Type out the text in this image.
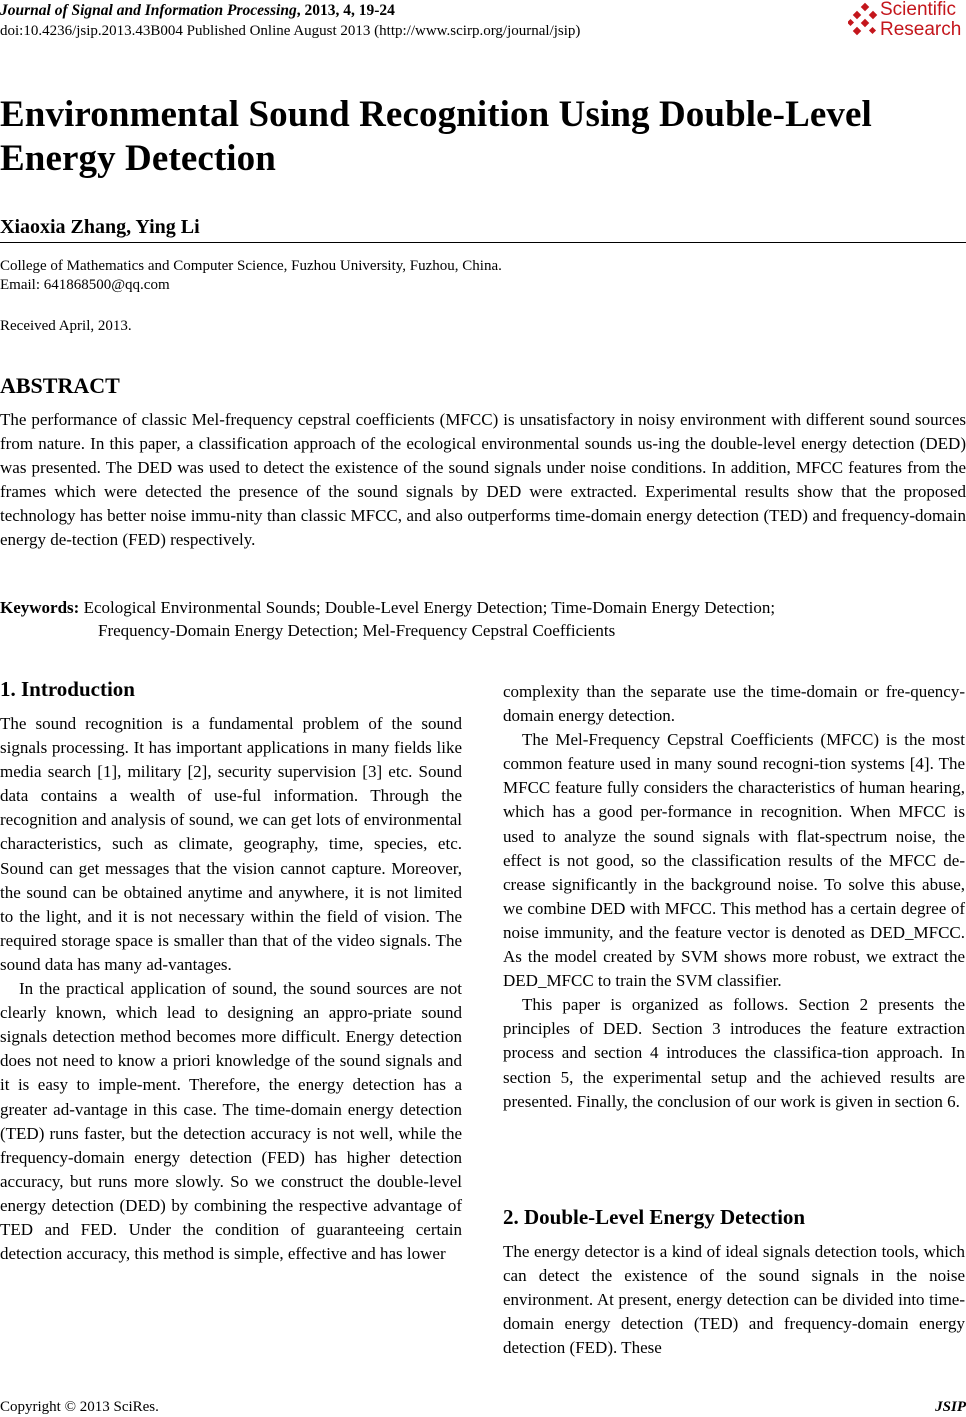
Journal of Signal and Information Processing, 2013, 4, 19-24
doi:10.4236/jsip.2013.43B004 Published Online August 2013 (http://www.scirp.org/journal/jsip)
Scientific
Research
Environmental Sound Recognition Using Double-Level Energy Detection
Xiaoxia Zhang, Ying Li
College of Mathematics and Computer Science, Fuzhou University, Fuzhou, China.
Email: 641868500@qq.com
Received April, 2013.
ABSTRACT
The performance of classic Mel-frequency cepstral coefficients (MFCC) is unsatisfactory in noisy environment with different sound sources from nature. In this paper, a classification approach of the ecological environmental sounds us-ing the double-level energy detection (DED) was presented. The DED was used to detect the existence of the sound signals under noise conditions. In addition, MFCC features from the frames which were detected the presence of the sound signals by DED were extracted. Experimental results show that the proposed technology has better noise immu-nity than classic MFCC, and also outperforms time-domain energy detection (TED) and frequency-domain energy de-tection (FED) respectively.
Keywords: Ecological Environmental Sounds; Double-Level Energy Detection; Time-Domain Energy Detection;
Frequency-Domain Energy Detection; Mel-Frequency Cepstral Coefficients
1. Introduction

The sound recognition is a fundamental problem of the sound signals processing. It has important applications in many fields like media search [1], military [2], security supervision [3] etc. Sound data contains a wealth of use-ful information. Through the recognition and analysis of sound, we can get lots of environmental characteristics, such as climate, geography, time, species, etc. Sound can get messages that the vision cannot capture. Moreover, the sound can be obtained anytime and anywhere, it is not limited to the light, and it is not necessary within the field of vision. The required storage space is smaller than that of the video signals. The sound data has many ad-vantages.

In the practical application of sound, the sound sources are not clearly known, which lead to designing an appro-priate sound signals detection method becomes more difficult. Energy detection does not need to know a priori knowledge of the sound signals and it is easy to imple-ment. Therefore, the energy detection has a greater ad-vantage in this case. The time-domain energy detection (TED) runs faster, but the detection accuracy is not well, while the frequency-domain energy detection (FED) has higher detection accuracy, but runs more slowly. So we construct the double-level energy detection (DED) by combining the respective advantage of TED and FED. Under the condition of guaranteeing certain detection accuracy, this method is simple, effective and has lower

complexity than the separate use the time-domain or fre-quency-domain energy detection.

The Mel-Frequency Cepstral Coefficients (MFCC) is the most common feature used in many sound recogni-tion systems [4]. The MFCC feature fully considers the characteristics of human hearing, which has a good per-formance in recognition. When MFCC is used to analyze the sound signals with flat-spectrum noise, the effect is not good, so the classification results of the MFCC de-crease significantly in the background noise. To solve this abuse, we combine DED with MFCC. This method has a certain degree of noise immunity, and the feature vector is denoted as DED_MFCC. As the model created by SVM shows more robust, we extract the DED_MFCC to train the SVM classifier.

This paper is organized as follows. Section 2 presents the principles of DED. Section 3 introduces the feature extraction process and section 4 introduces the classifica-tion approach. In section 5, the experimental setup and the achieved results are presented. Finally, the conclusion of our work is given in section 6.

2. Double-Level Energy Detection

The energy detector is a kind of ideal signals detection tools, which can detect the existence of the sound signals in the noise environment. At present, energy detection can be divided into time-domain energy detection (TED) and frequency-domain energy detection (FED). These

Copyright © 2013 SciRes.	JSIP
